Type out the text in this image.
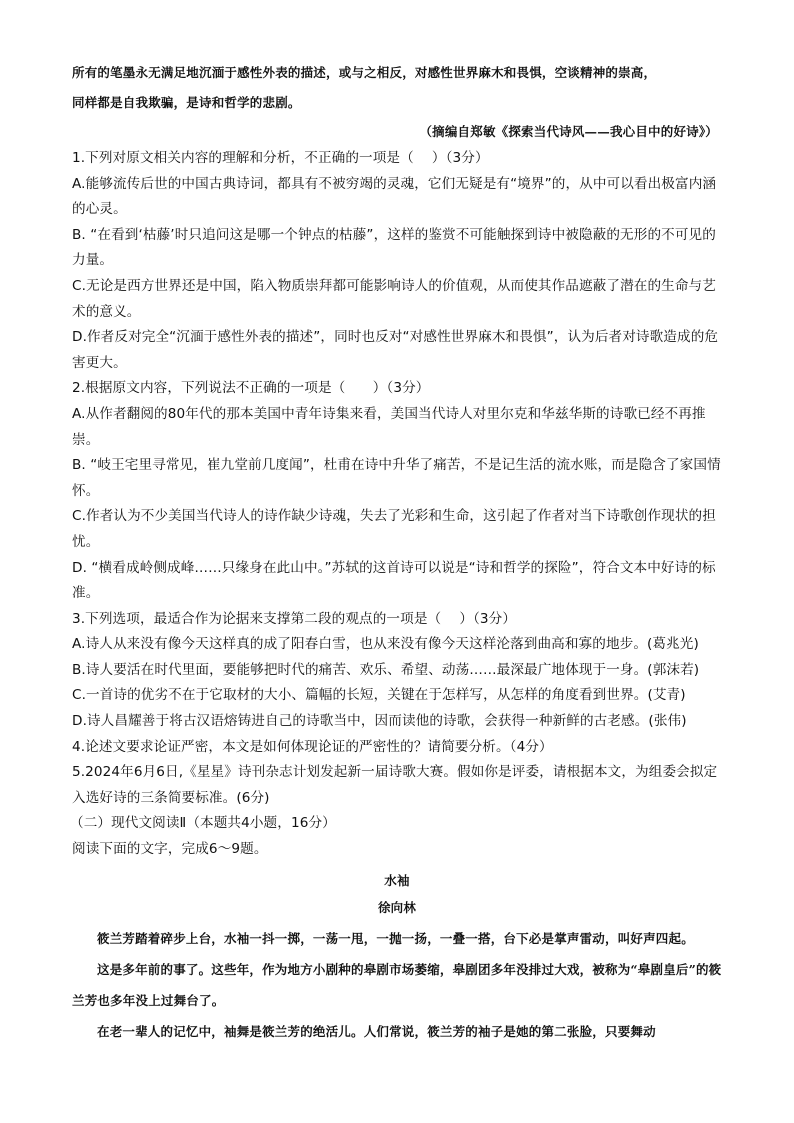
所有的笔墨永无满足地沉湎于感性外表的描述，或与之相反，对感性世界麻木和畏惧，空谈精神的崇高，

同样都是自我欺骗，是诗和哲学的悲剧。

（摘编自郑敏《探索当代诗风——我心目中的好诗》）

1.下列对原文相关内容的理解和分析，不正确的一项是（　 ）（3分）

A.能够流传后世的中国古典诗词，都具有不被穷竭的灵魂，它们无疑是有“境界”的，从中可以看出极富内涵的心灵。

B. “在看到‘枯藤’时只追问这是哪一个钟点的枯藤”，这样的鉴赏不可能触探到诗中被隐蔽的无形的不可见的力量。

C.无论是西方世界还是中国，陷入物质崇拜都可能影响诗人的价值观，从而使其作品遮蔽了潜在的生命与艺术的意义。

D.作者反对完全“沉湎于感性外表的描述”，同时也反对“对感性世界麻木和畏惧”，认为后者对诗歌造成的危害更大。

2.根据原文内容，下列说法不正确的一项是（　　）（3分）

A.从作者翻阅的80年代的那本美国中青年诗集来看，美国当代诗人对里尔克和华兹华斯的诗歌已经不再推崇。

B. “岐王宅里寻常见，崔九堂前几度闻”，杜甫在诗中升华了痛苦，不是记生活的流水账，而是隐含了家国情怀。

C.作者认为不少美国当代诗人的诗作缺少诗魂，失去了光彩和生命，这引起了作者对当下诗歌创作现状的担忧。

D. “横看成岭侧成峰……只缘身在此山中。”苏轼的这首诗可以说是“诗和哲学的探险”，符合文本中好诗的标准。

3.下列选项，最适合作为论据来支撑第二段的观点的一项是（　 ）（3分）

A.诗人从来没有像今天这样真的成了阳春白雪，也从来没有像今天这样沦落到曲高和寡的地步。(葛兆光)

B.诗人要活在时代里面，要能够把时代的痛苦、欢乐、希望、动荡……最深最广地体现于一身。(郭沫若)

C.一首诗的优劣不在于它取材的大小、篇幅的长短，关键在于怎样写，从怎样的角度看到世界。(艾青)

D.诗人昌耀善于将古汉语熔铸进自己的诗歌当中，因而读他的诗歌，会获得一种新鲜的古老感。(张伟)

4.论述文要求论证严密，本文是如何体现论证的严密性的？请简要分析。（4分）

5.2024年6月6日,《星星》诗刊杂志计划发起新一届诗歌大赛。假如你是评委，请根据本文，为组委会拟定入选好诗的三条简要标准。(6分)

（二）现代文阅读Ⅱ（本题共4小题，16分）

阅读下面的文字，完成6～9题。

水袖

徐向林

筱兰芳踏着碎步上台，水袖一抖一掷，一荡一甩，一抛一扬，一叠一搭，台下必是掌声雷动，叫好声四起。

这是多年前的事了。这些年，作为地方小剧种的皋剧市场萎缩，皋剧团多年没排过大戏，被称为“皋剧皇后”的筱兰芳也多年没上过舞台了。

在老一辈人的记忆中，袖舞是筱兰芳的绝活儿。人们常说，筱兰芳的袖子是她的第二张脸，只要舞动
